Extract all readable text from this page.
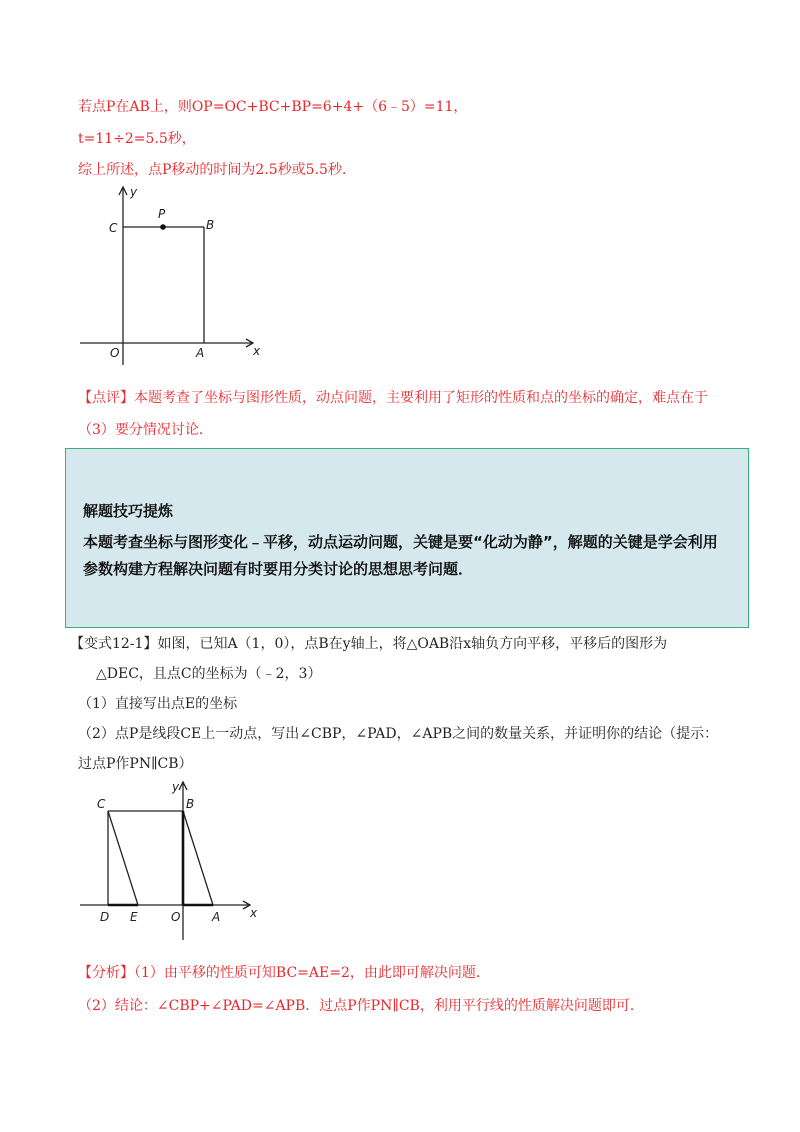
若点P在AB上，则OP=OC+BC+BP=6+4+（6﹣5）=11，
t=11÷2=5.5秒，
综上所述，点P移动的时间为2.5秒或5.5秒．
y
C
P
B
O	A	x
【点评】本题考查了坐标与图形性质，动点问题，主要利用了矩形的性质和点的坐标的确定，难点在于
（3）要分情况讨论．
解题技巧提炼
本题考查坐标与图形变化﹣平移，动点运动问题，关键是要“化动为静”，解题的关键是学会利用参数构建方程解决问题有时要用分类讨论的思想思考问题．
【变式12-1】如图，已知A（1，0），点B在y轴上，将△OAB沿x轴负方向平移，平移后的图形为
△DEC，且点C的坐标为（﹣2，3）
（1）直接写出点E的坐标
（2）点P是线段CE上一动点，写出∠CBP，∠PAD，∠APB之间的数量关系，并证明你的结论（提示：
过点P作PN∥CB）
y
C	B
D E	O	A x
【分析】（1）由平移的性质可知BC=AE=2，由此即可解决问题．
（2）结论：∠CBP+∠PAD=∠APB．过点P作PN∥CB，利用平行线的性质解决问题即可．
